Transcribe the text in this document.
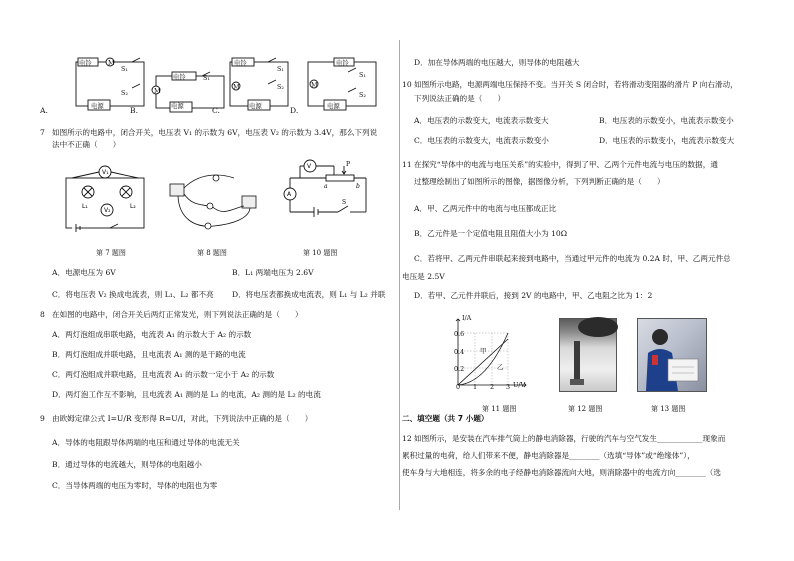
电铃	M
S₁
S₂
电源
M
电铃	S₁
电源
电铃
M
S₁
S₂
电源
电铃
M
S₁
S₂
电源
A.	B.	C.	D.
7 如图所示的电路中，闭合开关，电压表 V₁ 的示数为 6V，电压表 V₂ 的示数为 3.4V，那么下列说
法中不正确（　　）
V₁
V₂
L₁	L₂
V
A
a	b
P
S
第 7 题图	第 8 题图	第 10 题图
A．电源电压为 6V	B．L₁ 两端电压为 2.6V
C．将电压表 V₂ 换成电流表，则 L₁、L₂ 都不亮 D．将电压表都换成电流表，则 L₁ 与 L₂ 并联
8 在如图的电路中，闭合开关后两灯正常发光，则下列说法正确的是（　　）
A．两灯泡组成串联电路，电流表 A₁ 的示数大于 A₂ 的示数
B．两灯泡组成并联电路，且电流表 A₁ 测的是干路的电流
C．两灯泡组成并联电路，且电流表 A₁ 的示数一定小于 A₂ 的示数
D．两灯泡工作互不影响，且电流表 A₁ 测的是 L₁ 的电流，A₂ 测的是 L₂ 的电流
9 由欧姆定律公式 I=U/R 变形得 R=U/I，对此，下列说法中正确的是（　　）
A．导体的电阻跟导体两端的电压和通过导体的电流无关
B．通过导体的电流越大，则导体的电阻越小
C．当导体两端的电压为零时，导体的电阻也为零
D．加在导体两端的电压越大，则导体的电阻越大
10 如图所示电路，电源两端电压保持不变。当开关 S 闭合时，若将滑动变阻器的滑片 P 向右滑动，
下列说法正确的是（　　）
A．电压表的示数变大，电流表示数变大	B．电压表的示数变小，电流表示数变小
C．电压表的示数变大，电流表示数变小	D．电压表的示数变小，电流表示数变大
11 在探究“导体中的电流与电压关系”的实验中，得到了甲、乙两个元件电流与电压的数据，通
过整理绘制出了如图所示的图像，据图像分析，下列判断正确的是（　　）
A．甲、乙两元件中的电流与电压都成正比
B．乙元件是一个定值电阻且阻值大小为 10Ω
C．若将甲、乙两元件串联起来接到电路中，当通过甲元件的电流为 0.2A 时，甲、乙两元件总
电压是 2.5V
D．若甲、乙元件并联后，接到 2V 的电路中，甲、乙电阻之比为 1：2
I/A
0.6
0.4
0.2
0 1 2 3 U/V
甲
乙
第 11 题图	第 12 题图	第 13 题图
二、填空题（共 7 小题）
12 如图所示，是安装在汽车排气筒上的静电消除器，行驶的汽车与空气发生____________现象而
累积过量的电荷，给人们带来不便，静电消除器是________（选填“导体”或“绝缘体”），
使车身与大地相连，将多余的电子经静电消除器流向大地，则消除器中的电流方向________（选
